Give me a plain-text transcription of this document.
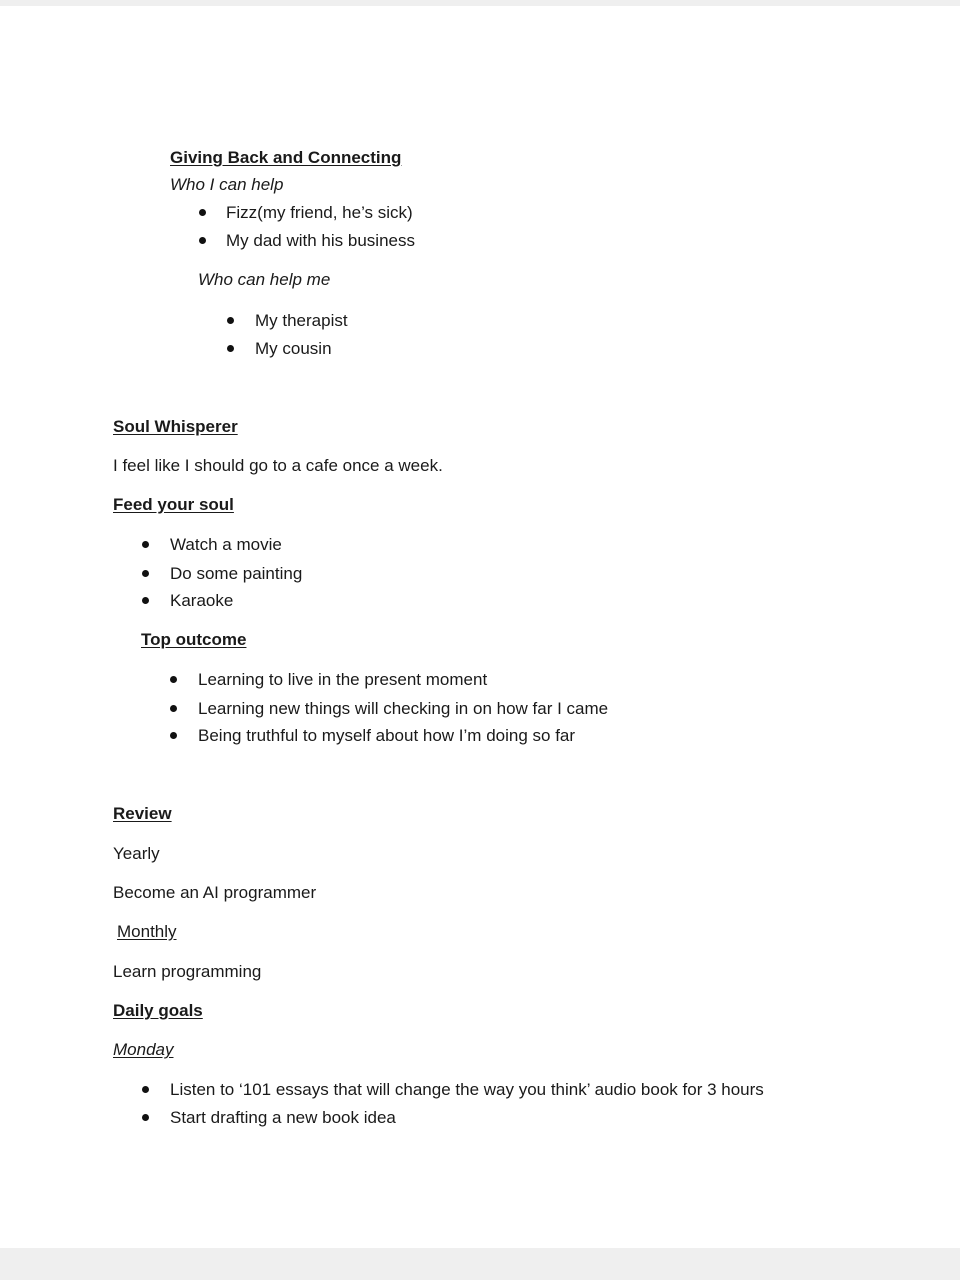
Giving Back and Connecting
Who I can help
Fizz(my friend, he’s sick)
My dad with his business
Who can help me
My therapist
My cousin
Soul Whisperer
I feel like I should go to a cafe once a week.
Feed your soul
Watch a movie
Do some painting
Karaoke
Top outcome
Learning to live in the present moment
Learning new things will checking in on how far I came
Being truthful to myself about how I’m doing so far
Review
Yearly
Become an AI programmer
Monthly
Learn programming
Daily goals
Monday
Listen to ‘101 essays that will change the way you think’ audio book for 3 hours
Start drafting a new book idea
